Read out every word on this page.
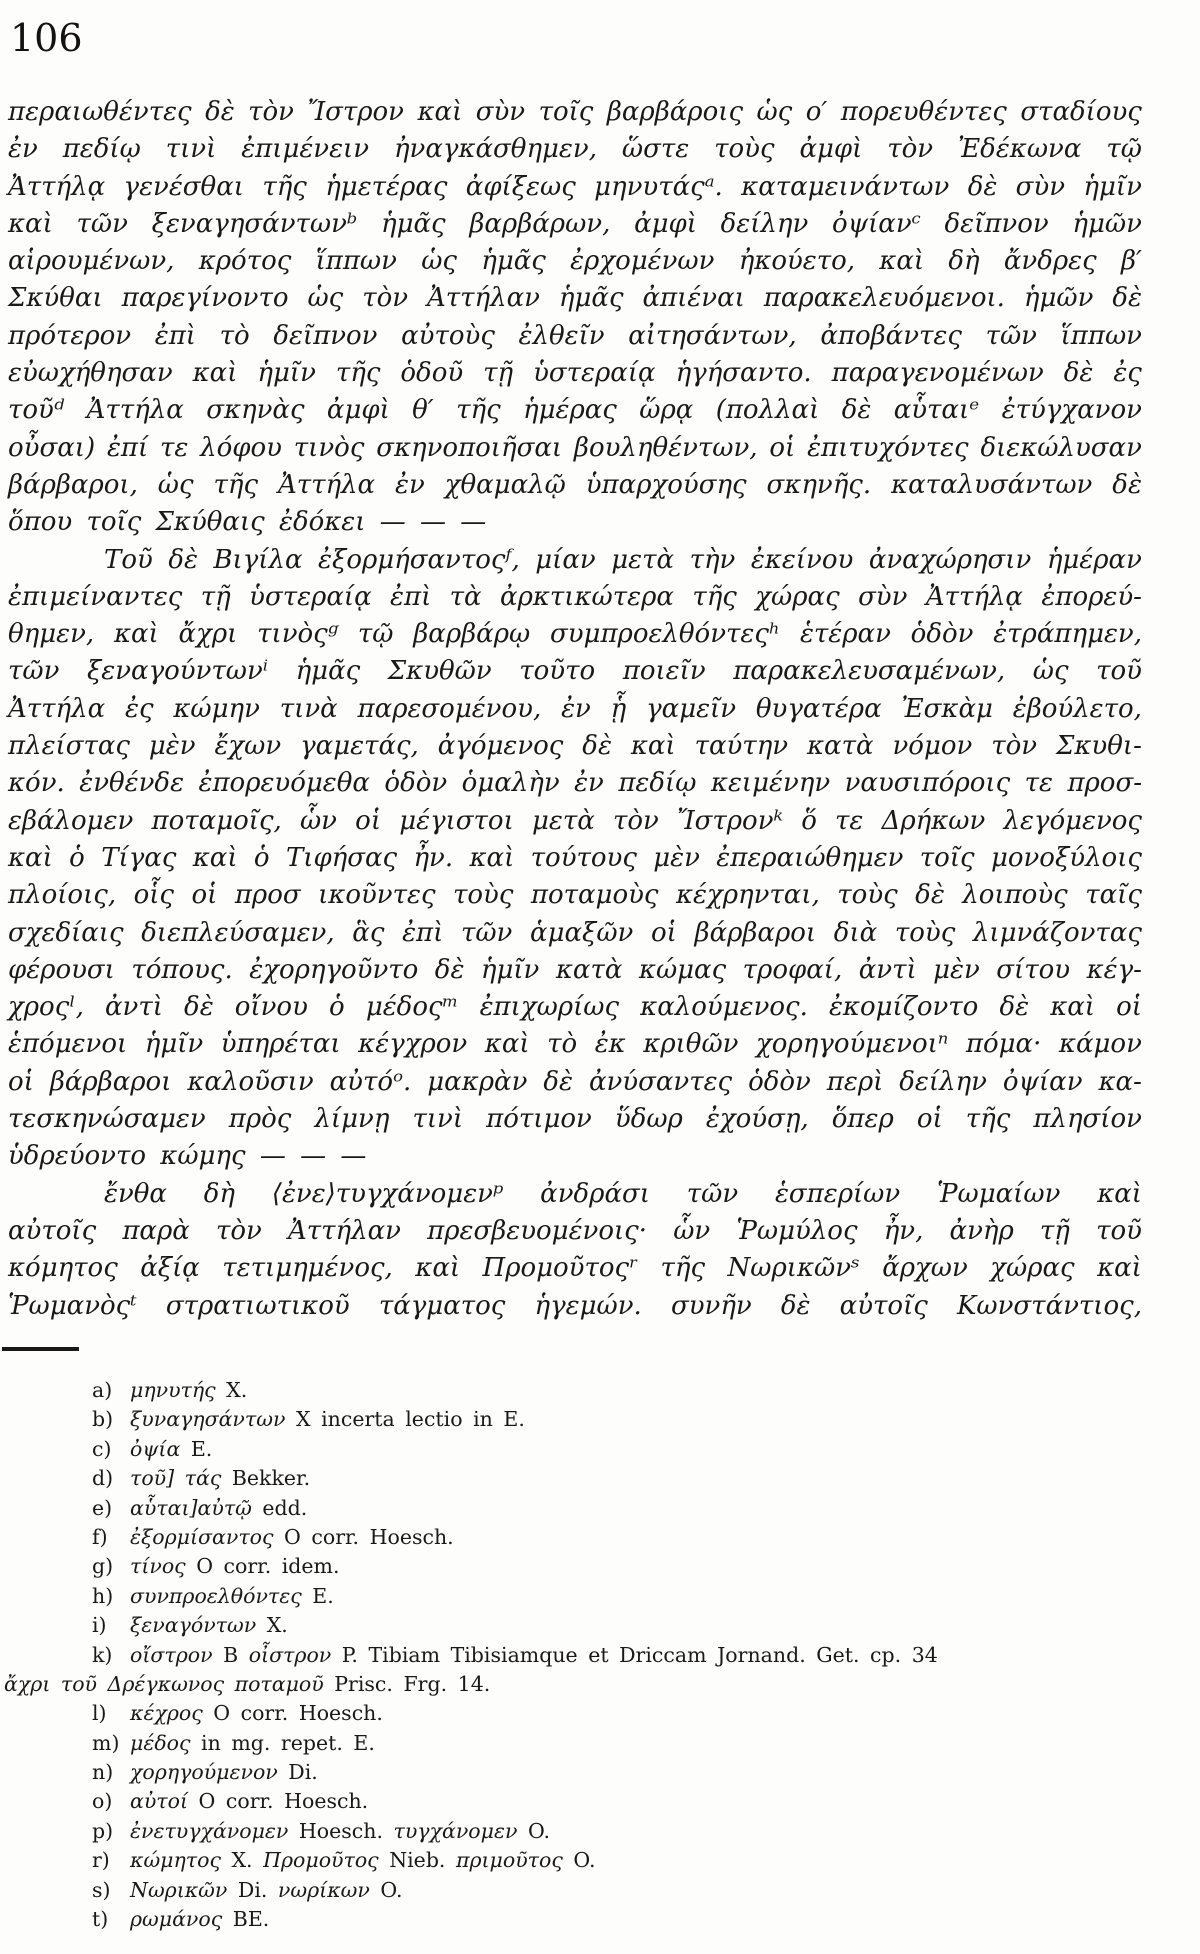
106
περαιωθέντες δὲ τὸν Ἴστρον καὶ σὺν τοῖς βαρβάροις ὡς ο′ πορευθέντες σταδίους
ἐν πεδίῳ τινὶ ἐπιμένειν ἠναγκάσθημεν, ὥστε τοὺς ἀμφὶ τὸν Ἐδέκωνα τῷ
Ἀττήλᾳ γενέσθαι τῆς ἡμετέρας ἀφίξεως μηνυτάςᵃ. καταμεινάντων δὲ σὺν ἡμῖν
καὶ τῶν ξεναγησάντωνᵇ ἡμᾶς βαρβάρων, ἀμφὶ δείλην ὀψίανᶜ δεῖπνον ἡμῶν
αἱρουμένων, κρότος ἵππων ὡς ἡμᾶς ἐρχομένων ἠκούετο, καὶ δὴ ἄνδρες β′
Σκύθαι παρεγίνοντο ὡς τὸν Ἀττήλαν ἡμᾶς ἀπιέναι παρακελευόμενοι. ἡμῶν δὲ
πρότερον ἐπὶ τὸ δεῖπνον αὐτοὺς ἐλθεῖν αἰτησάντων, ἀποβάντες τῶν ἵππων
εὐωχήθησαν καὶ ἡμῖν τῆς ὁδοῦ τῇ ὑστεραίᾳ ἡγήσαντο. παραγενομένων δὲ ἐς
τοῦᵈ Ἀττήλα σκηνὰς ἀμφὶ θ′ τῆς ἡμέρας ὥρᾳ (πολλαὶ δὲ αὗταιᵉ ἐτύγχανον
οὖσαι) ἐπί τε λόφου τινὸς σκηνοποιῆσαι βουληθέντων, οἱ ἐπιτυχόντες διεκώλυσαν
βάρβαροι, ὡς τῆς Ἀττήλα ἐν χθαμαλῷ ὑπαρχούσης σκηνῆς. καταλυσάντων δὲ
ὅπου τοῖς Σκύθαις ἐδόκει — — —
Τοῦ δὲ Βιγίλα ἐξορμήσαντοςᶠ, μίαν μετὰ τὴν ἐκείνου ἀναχώρησιν ἡμέραν
ἐπιμείναντες τῇ ὑστεραίᾳ ἐπὶ τὰ ἀρκτικώτερα τῆς χώρας σὺν Ἀττήλᾳ ἐπορεύ-
θημεν, καὶ ἄχρι τινὸςᵍ τῷ βαρβάρῳ συμπροελθόντεςʰ ἑτέραν ὁδὸν ἐτράπημεν,
τῶν ξεναγούντωνⁱ ἡμᾶς Σκυθῶν τοῦτο ποιεῖν παρακελευσαμένων, ὡς τοῦ
Ἀττήλα ἐς κώμην τινὰ παρεσομένου, ἐν ᾗ γαμεῖν θυγατέρα Ἐσκὰμ ἐβούλετο,
πλείστας μὲν ἔχων γαμετάς, ἀγόμενος δὲ καὶ ταύτην κατὰ νόμον τὸν Σκυθι-
κόν. ἐνθένδε ἐπορευόμεθα ὁδὸν ὁμαλὴν ἐν πεδίῳ κειμένην ναυσιπόροις τε προσ-
εβάλομεν ποταμοῖς, ὧν οἱ μέγιστοι μετὰ τὸν Ἴστρονᵏ ὅ τε Δρήκων λεγόμενος
καὶ ὁ Τίγας καὶ ὁ Τιφήσας ἦν. καὶ τούτους μὲν ἐπεραιώθημεν τοῖς μονοξύλοις
πλοίοις, οἷς οἱ προσ ικοῦντες τοὺς ποταμοὺς κέχρηνται, τοὺς δὲ λοιποὺς ταῖς
σχεδίαις διεπλεύσαμεν, ἃς ἐπὶ τῶν ἁμαξῶν οἱ βάρβαροι διὰ τοὺς λιμνάζοντας
φέρουσι τόπους. ἐχορηγοῦντο δὲ ἡμῖν κατὰ κώμας τροφαί, ἀντὶ μὲν σίτου κέγ-
χροςˡ, ἀντὶ δὲ οἴνου ὁ μέδοςᵐ ἐπιχωρίως καλούμενος. ἐκομίζοντο δὲ καὶ οἱ
ἑπόμενοι ἡμῖν ὑπηρέται κέγχρον καὶ τὸ ἐκ κριθῶν χορηγούμενοιⁿ πόμα· κάμον
οἱ βάρβαροι καλοῦσιν αὐτόᵒ. μακρὰν δὲ ἀνύσαντες ὁδὸν περὶ δείλην ὀψίαν κα-
τεσκηνώσαμεν πρὸς λίμνῃ τινὶ πότιμον ὕδωρ ἐχούσῃ, ὅπερ οἱ τῆς πλησίον
ὑδρεύοντο κώμης — — —
ἔνθα δὴ ⟨ἐνε⟩τυγχάνομενᵖ ἀνδράσι τῶν ἑσπερίων Ῥωμαίων καὶ
αὐτοῖς παρὰ τὸν Ἀττήλαν πρεσβευομένοις· ὧν Ῥωμύλος ἦν, ἀνὴρ τῇ τοῦ
κόμητος ἀξίᾳ τετιμημένος, καὶ Προμοῦτοςʳ τῆς Νωρικῶνˢ ἄρχων χώρας καὶ
Ῥωμανὸςᵗ στρατιωτικοῦ τάγματος ἡγεμών. συνῆν δὲ αὐτοῖς Κωνστάντιος,
a) μηνυτής X.
b) ξυναγησάντων X incerta lectio in E.
c) ὀψία E.
d) τοῦ] τάς Bekker.
e) αὗται]αὐτῷ edd.
f) ἐξορμίσαντος O corr. Hoesch.
g) τίνος O corr. idem.
h) συνπροελθόντες E.
i) ξεναγόντων X.
k) οἴστρον B οἶστρον P. Tibiam Tibisiamque et Driccam Jornand. Get. cp. 34
ἄχρι τοῦ Δρέγκωνος ποταμοῦ Prisc. Frg. 14.
l) κέχρος O corr. Hoesch.
m) μέδος in mg. repet. E.
n) χορηγούμενον Di.
o) αὐτοί O corr. Hoesch.
p) ἐνετυγχάνομεν Hoesch. τυγχάνομεν O.
r) κώμητος X. Προμοῦτος Nieb. πριμοῦτος O.
s) Νωρικῶν Di. νωρίκων O.
t) ρωμάνος BE.
